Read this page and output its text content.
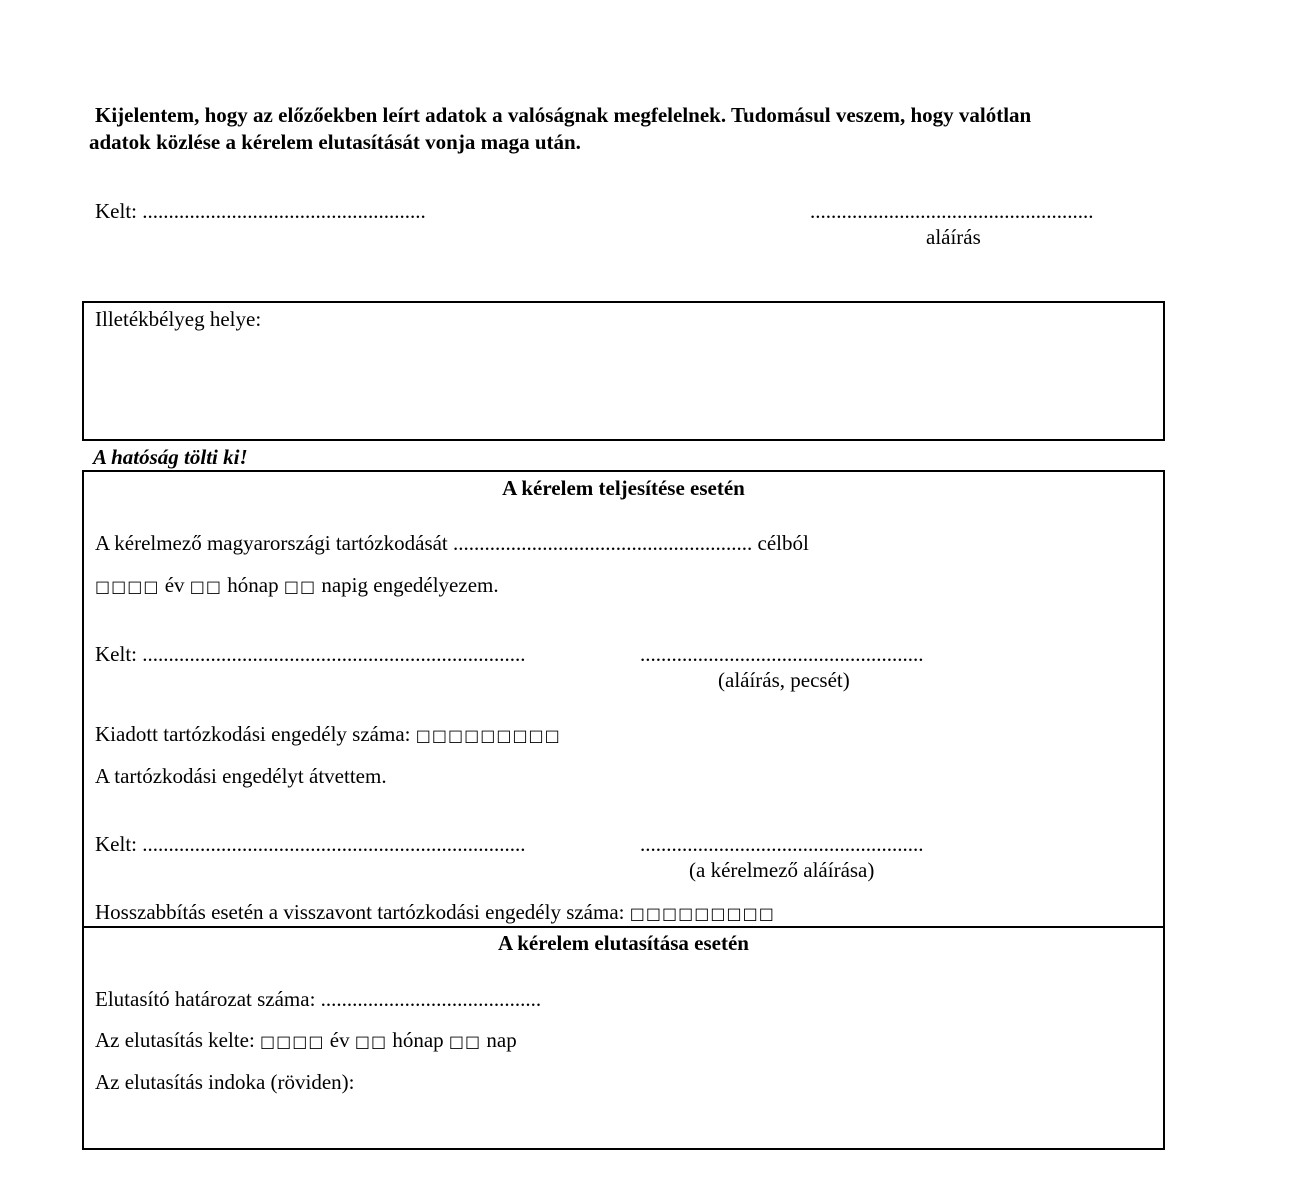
Kijelentem, hogy az előzőekben leírt adatok a valóságnak megfelelnek. Tudomásul veszem, hogy valótlan
adatok közlése a kérelem elutasítását vonja maga után.
Kelt: ......................................................	......................................................
aláírás
Illetékbélyeg helye:
A hatóság tölti ki!
A kérelem teljesítése esetén
A kérelmező magyarországi tartózkodását ......................................................... célból
□□□□ év □□ hónap □□ napig engedélyezem.
Kelt: .........................................................................	......................................................
(aláírás, pecsét)
Kiadott tartózkodási engedély száma: □□□□□□□□□
A tartózkodási engedélyt átvettem.
Kelt: .........................................................................	......................................................
(a kérelmező aláírása)
Hosszabbítás esetén a visszavont tartózkodási engedély száma: □□□□□□□□□
A kérelem elutasítása esetén
Elutasító határozat száma: ..........................................
Az elutasítás kelte: □□□□ év □□ hónap □□ nap
Az elutasítás indoka (röviden):
